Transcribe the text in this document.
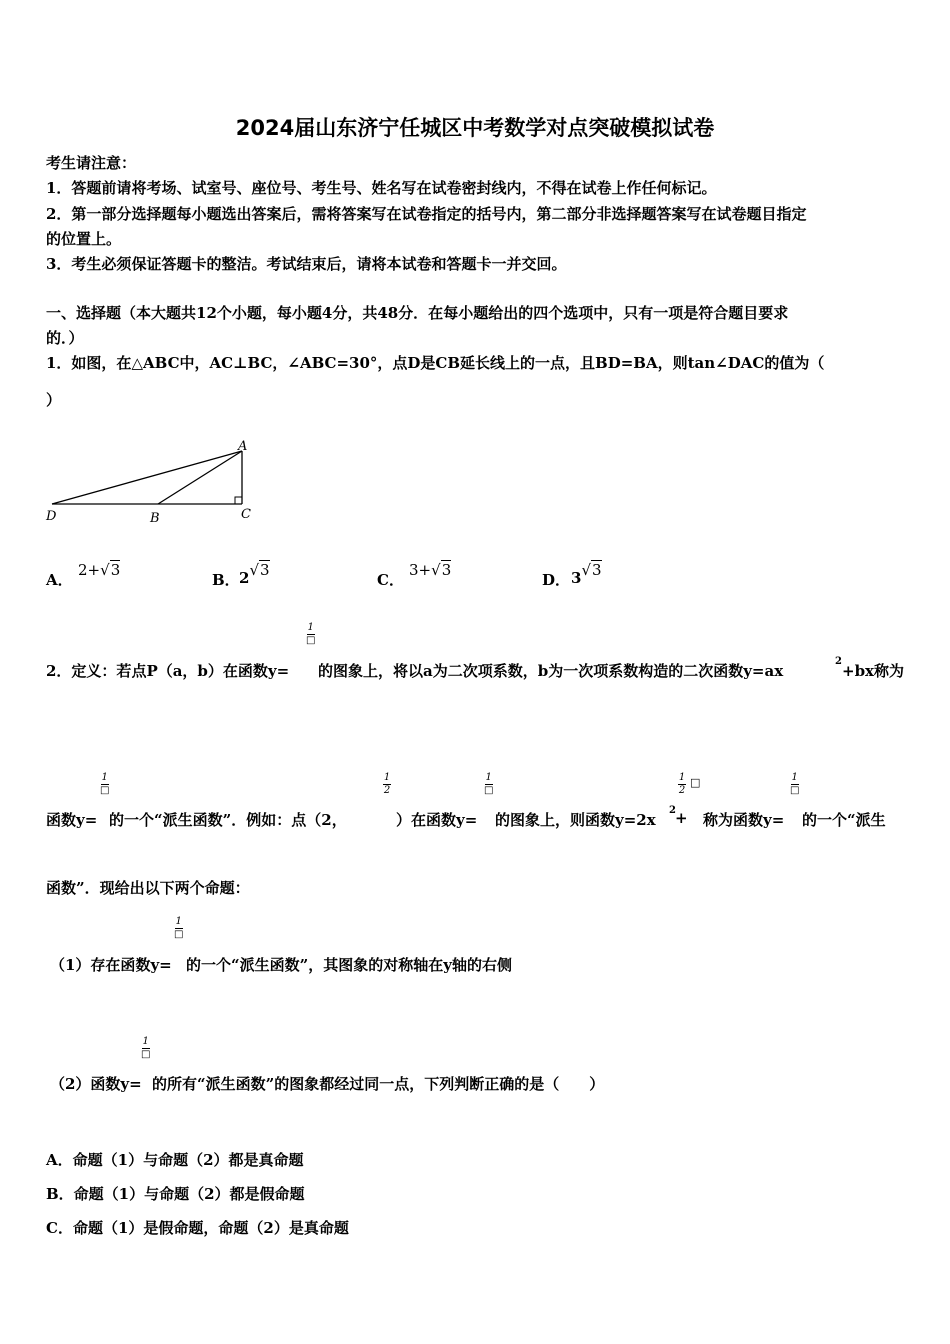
2024届山东济宁任城区中考数学对点突破模拟试卷
考生请注意：
1．答题前请将考场、试室号、座位号、考生号、姓名写在试卷密封线内，不得在试卷上作任何标记。
2．第一部分选择题每小题选出答案后，需将答案写在试卷指定的括号内，第二部分非选择题答案写在试卷题目指定
的位置上。
3．考生必须保证答题卡的整洁。考试结束后，请将本试卷和答题卡一并交回。
一、选择题（本大题共12个小题，每小题4分，共48分．在每小题给出的四个选项中，只有一项是符合题目要求
的．）
1．如图，在△ABC中，AC⊥BC，∠ABC=30°，点D是CB延长线上的一点，且BD=BA，则tan∠DAC的值为（
）
A
B	C
D
A．
2+√3
B． 2√3
C．
3+√3
D． 3√3
1
□
2．定义：若点P（a，b）在函数y= 的图象上，将以a为二次项系数，b为一次项系数构造的二次函数y=ax
2
+bx称为
1
□
1
2
1
□
1
2
□	1
□
函数y= 的一个“派生函数”．例如：点（2，	）在函数y= 的图象上，则函数y=2x
2 + 称为函数y= 的一个“派生
函数”．现给出以下两个命题：
1
□
（1）存在函数y= 的一个“派生函数”，其图象的对称轴在y轴的右侧
1
□
（2）函数y= 的所有“派生函数”的图象都经过同一点，下列判断正确的是（　　）
A．命题（1）与命题（2）都是真命题
B．命题（1）与命题（2）都是假命题
C．命题（1）是假命题，命题（2）是真命题
